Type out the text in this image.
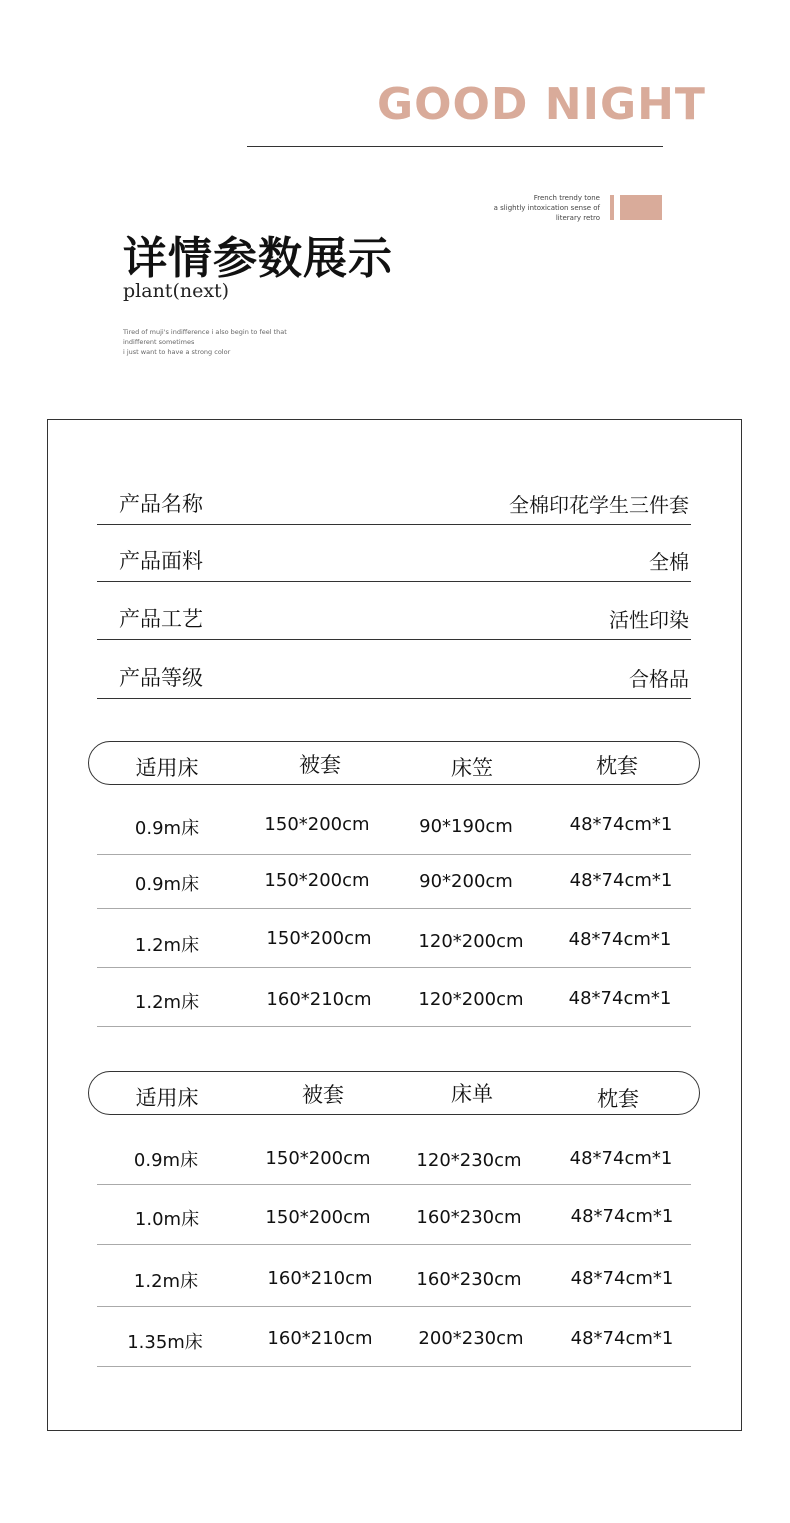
GOOD NIGHT
French trendy tone
a slightly intoxication sense of
literary retro
详情参数展示
plant(next)
Tired of muji's indifference i also begin to feel that
indifferent sometimes
i just want to have a strong color
产品名称	全棉印花学生三件套
产品面料	全棉
产品工艺	活性印染
产品等级	合格品
适用床	被套	床笠	枕套
0.9m床	150*200cm	90*190cm	48*74cm*1
0.9m床	150*200cm	90*200cm	48*74cm*1
1.2m床	150*200cm	120*200cm	48*74cm*1
1.2m床	160*210cm	120*200cm	48*74cm*1
适用床	被套	床单	枕套
0.9m床	150*200cm	120*230cm	48*74cm*1
1.0m床	150*200cm	160*230cm	48*74cm*1
1.2m床	160*210cm	160*230cm	48*74cm*1
1.35m床	160*210cm	200*230cm	48*74cm*1
